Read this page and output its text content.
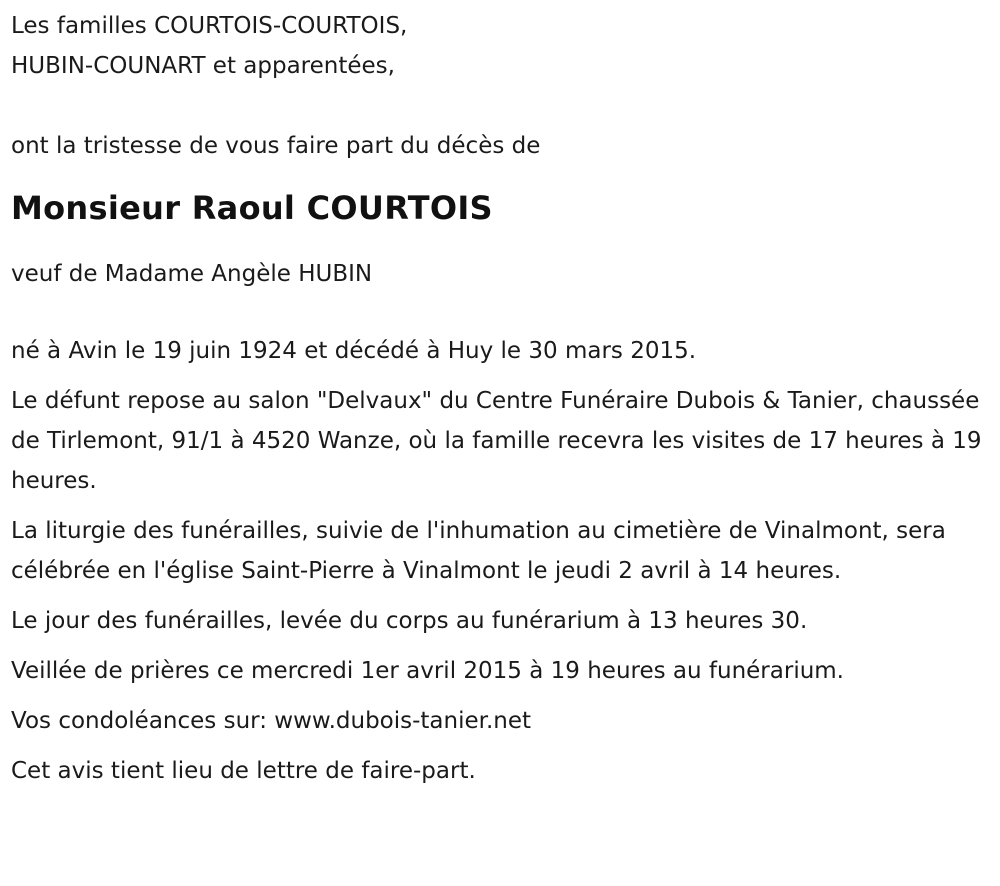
Les familles COURTOIS-COURTOIS,

HUBIN-COUNART et apparentées,

ont la tristesse de vous faire part du décès de

Monsieur Raoul COURTOIS

veuf de Madame Angèle HUBIN

né à Avin le 19 juin 1924 et décédé à Huy le 30 mars 2015.

Le défunt repose au salon "Delvaux" du Centre Funéraire Dubois & Tanier, chaussée de Tirlemont, 91/1 à 4520 Wanze, où la famille recevra les visites de 17 heures à 19 heures.

La liturgie des funérailles, suivie de l'inhumation au cimetière de Vinalmont, sera célébrée en l'église Saint-Pierre à Vinalmont le jeudi 2 avril à 14 heures.

Le jour des funérailles, levée du corps au funérarium à 13 heures 30.

Veillée de prières ce mercredi 1er avril 2015 à 19 heures au funérarium.

Vos condoléances sur: www.dubois-tanier.net

Cet avis tient lieu de lettre de faire-part.
